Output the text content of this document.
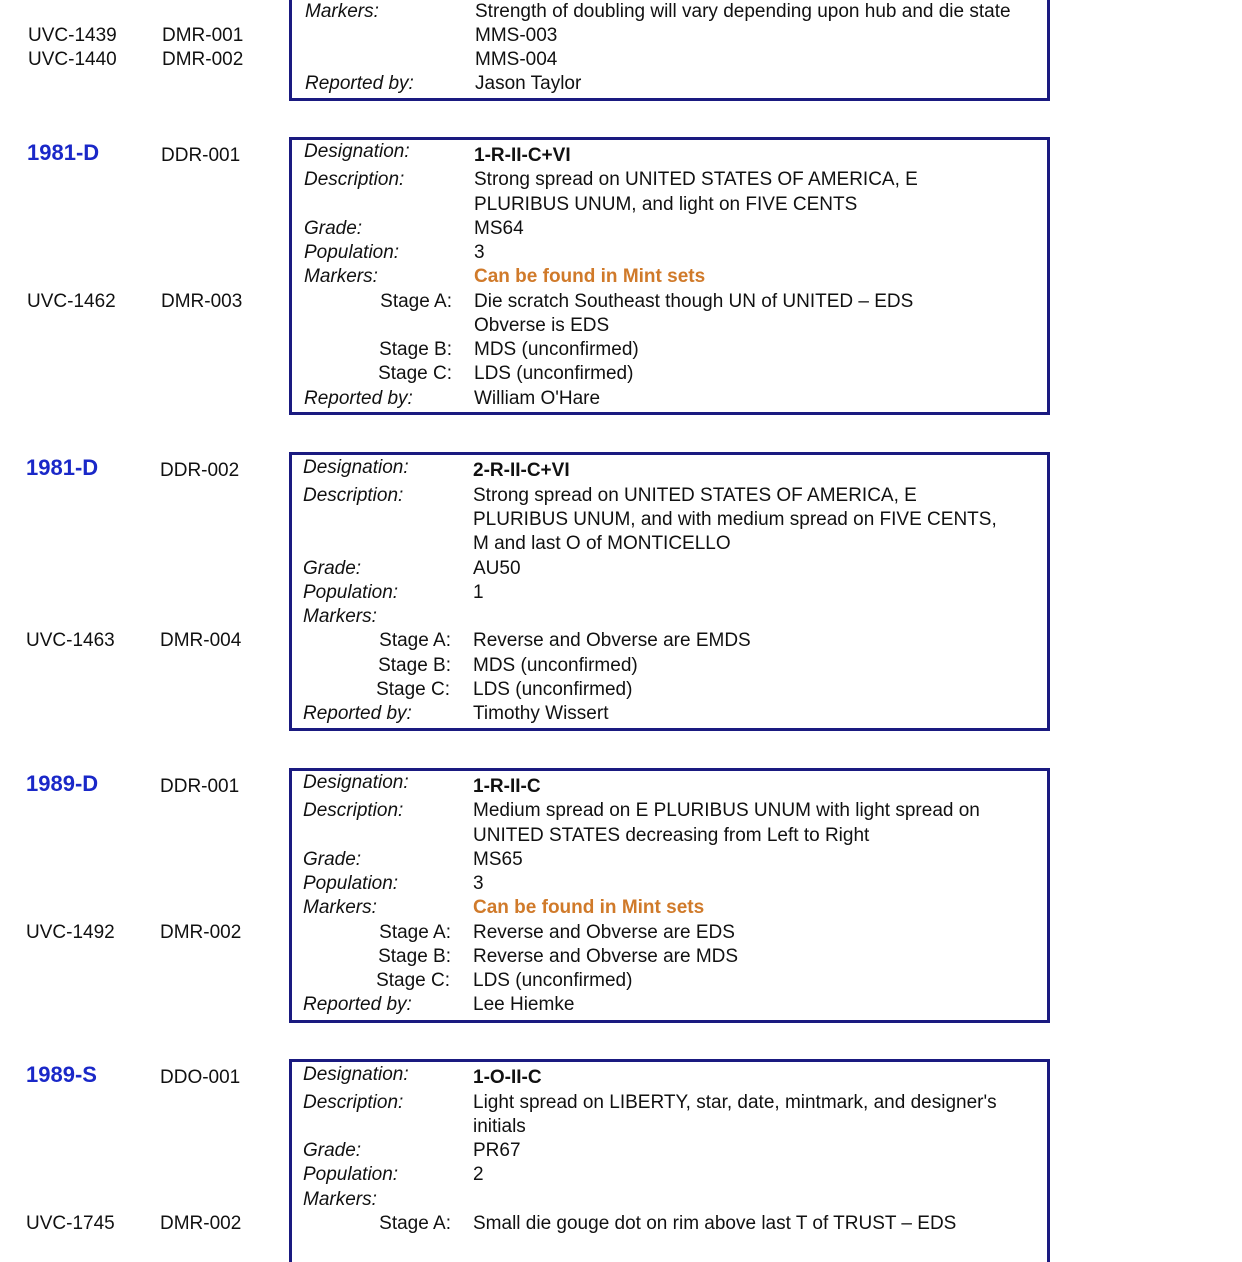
Markers:	Strength of doubling will vary depending upon hub and die state
UVC-1439 DMR-001	MMS-003
UVC-1440 DMR-002	MMS-004
Reported by:	Jason Taylor
1981-D	DDR-001	Designation:	1-R-II-C+VI
Description:	Strong spread on UNITED STATES OF AMERICA, E
PLURIBUS UNUM, and light on FIVE CENTS
Grade:	MS64
Population:	3
Markers:	Can be found in Mint sets
UVC-1462 DMR-003	Stage A: Die scratch Southeast though UN of UNITED – EDS
Obverse is EDS
Stage B: MDS (unconfirmed)
Stage C: LDS (unconfirmed)
Reported by:	William O'Hare
1981-D	DDR-002	Designation:	2-R-II-C+VI
Description:	Strong spread on UNITED STATES OF AMERICA, E
PLURIBUS UNUM, and with medium spread on FIVE CENTS,
M and last O of MONTICELLO
Grade:	AU50
Population:	1
Markers:
UVC-1463 DMR-004	Stage A: Reverse and Obverse are EMDS
Stage B: MDS (unconfirmed)
Stage C: LDS (unconfirmed)
Reported by:	Timothy Wissert
1989-D	DDR-001	Designation:	1-R-II-C
Description:	Medium spread on E PLURIBUS UNUM with light spread on
UNITED STATES decreasing from Left to Right
Grade:	MS65
Population:	3
Markers:	Can be found in Mint sets
UVC-1492 DMR-002	Stage A: Reverse and Obverse are EDS
Stage B: Reverse and Obverse are MDS
Stage C: LDS (unconfirmed)
Reported by:	Lee Hiemke
1989-S	DDO-001	Designation:	1-O-II-C
Description:	Light spread on LIBERTY, star, date, mintmark, and designer's
initials
Grade:	PR67
Population:	2
Markers:
UVC-1745 DMR-002	Stage A: Small die gouge dot on rim above last T of TRUST – EDS
